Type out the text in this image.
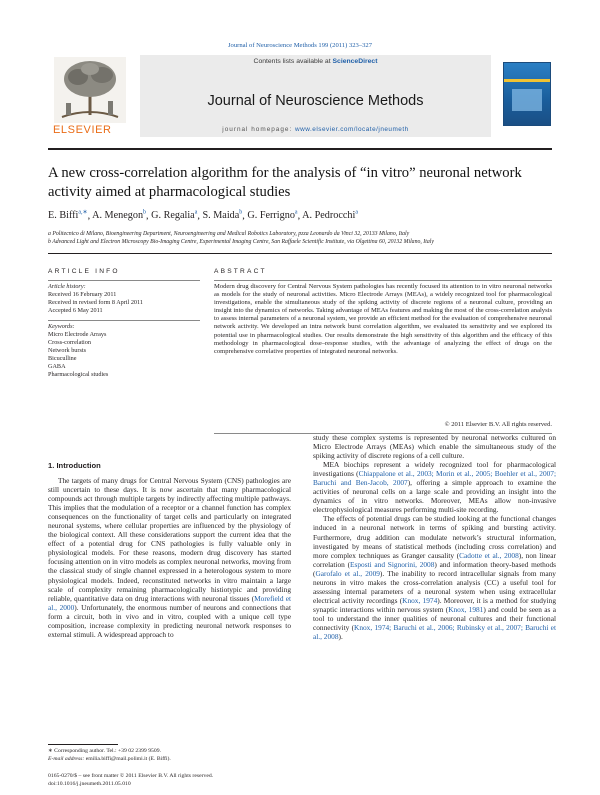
Journal of Neuroscience Methods 199 (2011) 323–327
ELSEVIER
Contents lists available at ScienceDirect
Journal of Neuroscience Methods
journal homepage: www.elsevier.com/locate/jneumeth
A new cross-correlation algorithm for the analysis of “in vitro” neuronal network activity aimed at pharmacological studies
E. Biffi$^{a,∗}$, A. Menegon$^b$, G. Regalia$^a$, S. Maida$^b$, G. Ferrigno$^a$, A. Pedrocchi$^a$
a Politecnico di Milano, Bioengineering Department, Neuroengineering and Medical Robotics Laboratory, pzza Leonardo da Vinci 32, 20133 Milano, Italy
b Advanced Light and Electron Microscopy Bio-Imaging Centre, Experimental Imaging Centre, San Raffaele Scientific Institute, via Olgettina 60, 20132 Milano, Italy
ARTICLE INFO	ABSTRACT
Article history:
Received 16 February 2011
Received in revised form 8 April 2011
Accepted 6 May 2011
Keywords:
Micro Electrode Arrays
Cross-correlation
Network bursts
Bicuculline
GABA
Pharmacological studies
Modern drug discovery for Central Nervous System pathologies has recently focused its attention to in vitro neuronal networks as models for the study of neuronal activities. Micro Electrode Arrays (MEAs), a widely recognized tool for pharmacological investigations, enable the simultaneous study of the spiking activity of discrete regions of a neuronal culture, providing an insight into the dynamics of networks. Taking advantage of MEAs features and making the most of the cross-correlation analysis to assess internal parameters of a neuronal system, we provide an efficient method for the evaluation of comprehensive neuronal network activity. We developed an intra network burst correlation algorithm, we evaluated its sensitivity and we explored its potential use in pharmacological studies. Our results demonstrate the high sensitivity of this algorithm and the efficacy of this methodology in pharmacological dose–response studies, with the advantage of analyzing the effect of drugs on the comprehensive correlative properties of integrated neuronal networks.
© 2011 Elsevier B.V. All rights reserved.
1. Introduction

The targets of many drugs for Central Nervous System (CNS) pathologies are still uncertain to these days. It is now ascertain that many pharmacological compounds act through multiple targets by indirectly affecting multiple pathways. This implies that the modulation of a receptor or a channel function has complex consequences on the functionality of target cells and particularly on integrated neuronal systems, where cellular properties are influenced by the physiology of the biological context. All these considerations support the current idea that the effect of a potential drug for CNS pathologies is fully valuable only in physiological models. For these reasons, modern drug discovery has started focusing attention on in vitro models as complex neuronal networks, moving from the classical study of single channel expressed in a heterologous system to more physiological models. Indeed, reconstituted networks in vitro maintain a large scale of complexity remaining pharmacologically histiotypic and providing reliable, quantitative data on drug interactions with neuronal tissues (Morefield et al., 2000). Unfortunately, the enormous number of neurons and connections that form a circuit, both in vivo and in vitro, coupled with a unique cell type composition, increase complexity in predicting neuronal network responses to external stimuli. A widespread approach to

study these complex systems is represented by neuronal networks cultured on Micro Electrode Arrays (MEAs) which enable the simultaneous study of the spiking activity of discrete regions of a cell culture.

MEA biochips represent a widely recognized tool for pharmacological investigations (Chiappalone et al., 2003; Morin et al., 2005; Boehler et al., 2007; Baruchi and Ben-Jacob, 2007), offering a simple approach to examine the activities of neuronal cells on a large scale and providing an insight into the dynamics of in vitro networks. Moreover, MEAs allow non-invasive electrophysiological measures performing multi-site recording.

The effects of potential drugs can be studied looking at the functional changes induced in a neuronal network in terms of spiking and bursting activity. Furthermore, drug addition can modulate network’s structural information, investigated by means of statistical methods (including cross correlation) and more complex techniques as Granger causality (Cadotte et al., 2008), non linear correlation (Esposti and Signorini, 2008) and information theory-based methods (Garofalo et al., 2009). The inability to record intracellular signals from many neurons in vitro makes the cross-correlation analysis (CC) a useful tool for assessing internal parameters of a neuronal system when using extracellular electrical activity recordings (Knox, 1974). Moreover, it is a method for studying synaptic interactions within nervous system (Knox, 1981) and could be seen as a tool to understand the inner qualities of neuronal cultures and their functional connectivity (Knox, 1974; Baruchi et al., 2006; Rubinsky et al., 2007; Baruchi et al., 2008).

∗ Corresponding author. Tel.: +39 02 2399 9509.
E-mail address: emilia.biffi@mail.polimi.it (E. Biffi).
0165-0270/$ – see front matter © 2011 Elsevier B.V. All rights reserved.
doi:10.1016/j.jneumeth.2011.05.010
